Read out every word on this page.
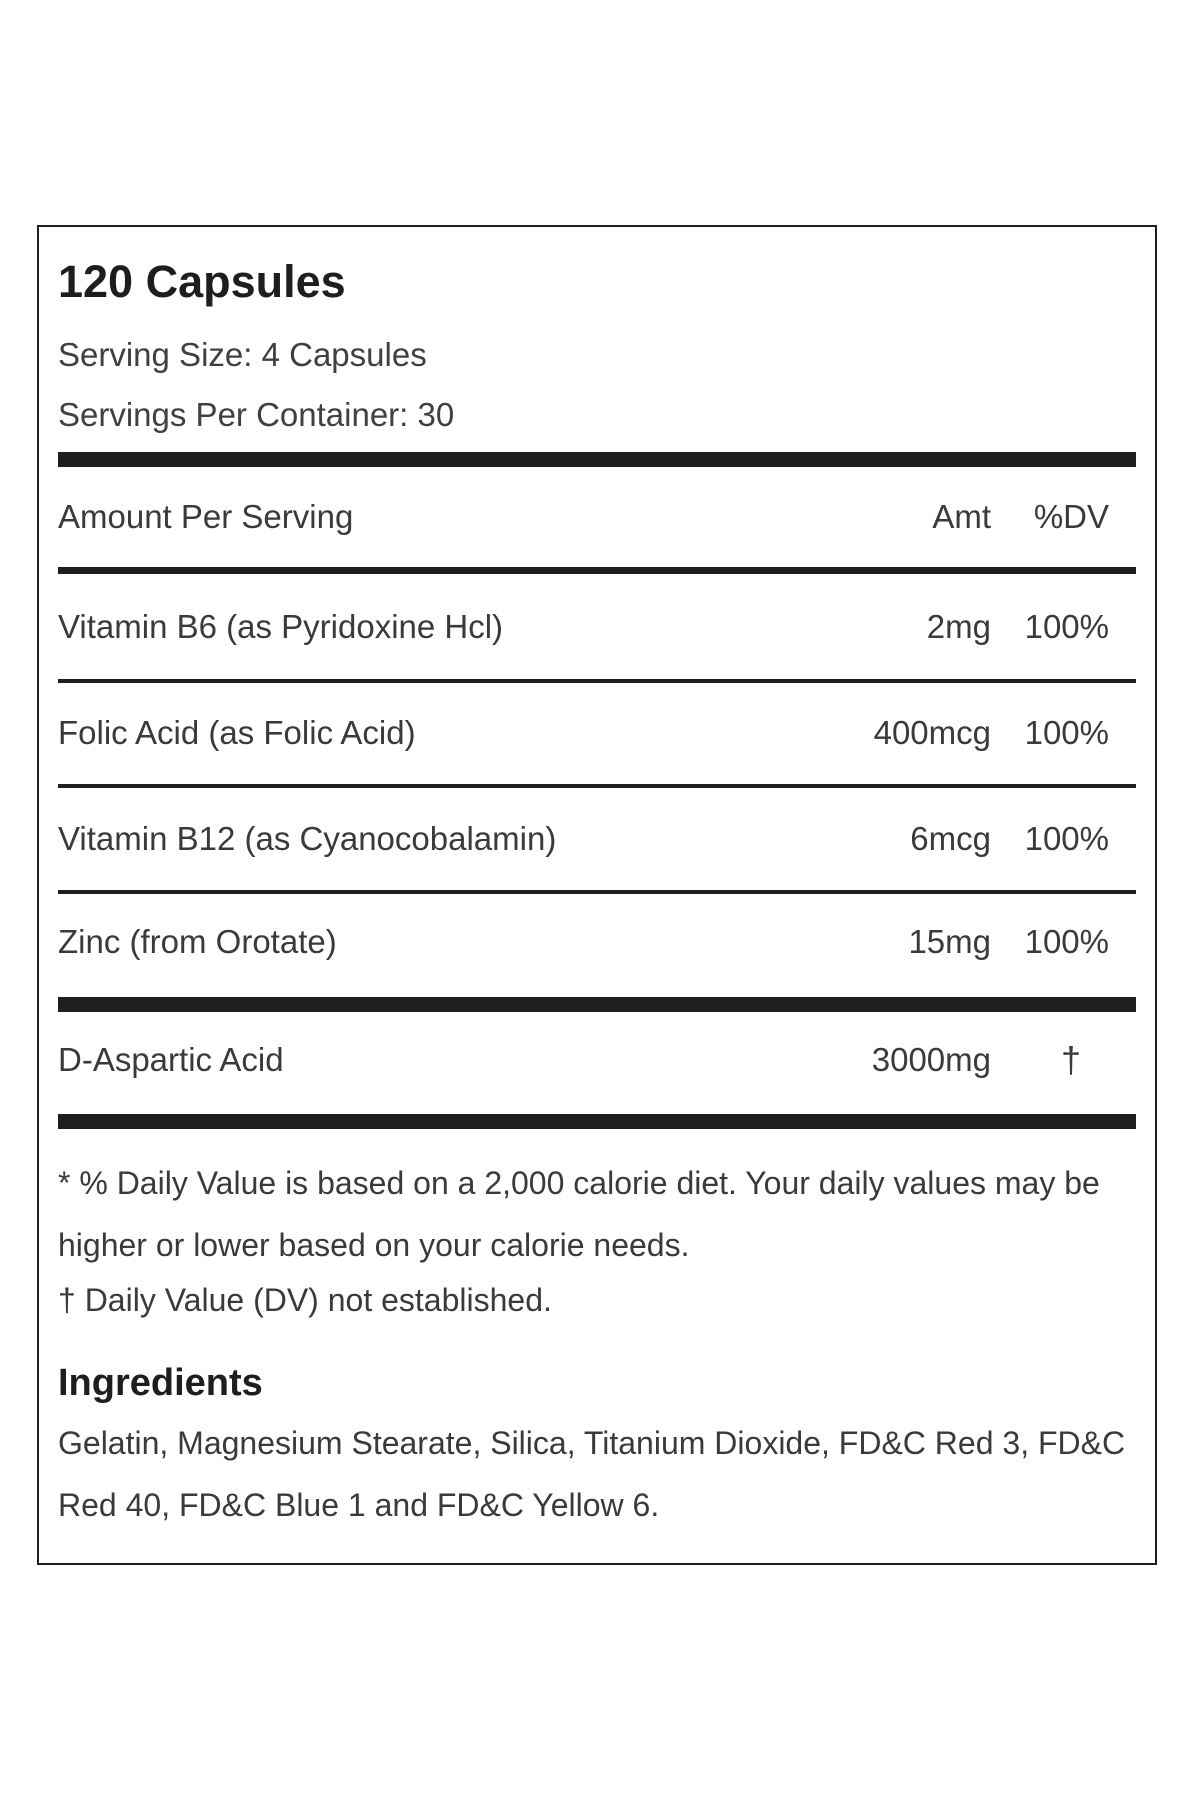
120 Capsules
Serving Size: 4 Capsules
Servings Per Container: 30
Amount Per Serving	Amt %DV
Vitamin B6 (as Pyridoxine Hcl)	2mg 100%
Folic Acid (as Folic Acid)	400mcg 100%
Vitamin B12 (as Cyanocobalamin)	6mcg 100%
Zinc (from Orotate)	15mg 100%
D-Aspartic Acid	3000mg †
* % Daily Value is based on a 2,000 calorie diet. Your daily values may be higher or lower based on your calorie needs.
† Daily Value (DV) not established.
Ingredients
Gelatin, Magnesium Stearate, Silica, Titanium Dioxide, FD&C Red 3, FD&C Red 40, FD&C Blue 1 and FD&C Yellow 6.
